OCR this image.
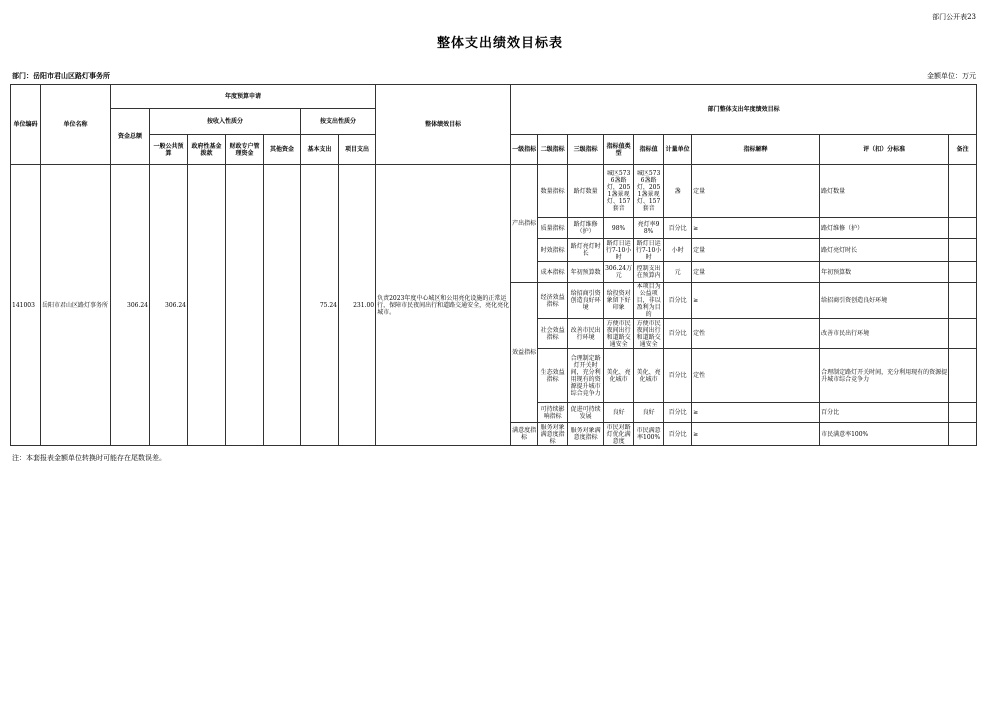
部门公开表23
整体支出绩效目标表
部门：岳阳市君山区路灯事务所	金额单位：万元
单位编码	单位名称	年度预算申请							整体绩效目标	部门整体支出年度绩效目标								
		资金总额	按收入性质分				按支出性质分											
			一般公共预算	政府性基金拨款	财政专户管理资金	其他资金	基本支出	项目支出		一级指标	二级指标	三级指标	指标值类型	指标值	计量单位	指标解释	评（扣）分标准	备注
141003	岳阳市君山区路灯事务所	306.24	306.24				75.24	231.00	负责2023年度中心城区和公用亮化设施的正常运行，保障市民夜间出行和道路交通安全，亮化亮化城市。	产出指标	数量指标	路灯数量	城区5736盏路灯，2051盏景观灯、157套音	城区5736盏路灯，2051盏景观灯、157套音	盏	定量	路灯数量	
											质量指标	路灯维修（护）	98%	亮灯率98%	百分比	≥	路灯维修（护）	
											时效指标	路灯亮灯时长	路灯日运行7-10小时	路灯日运行7-10小时	小时	定量	路灯亮灯时长	
											成本指标	年初预算数	306.24万元	控制支出在预算内	元	定量	年初预算数	
										效益指标	经济效益指标	给招商引资创造良好环境	给投资对象留下好印象	本项目为公益项目，非以盈利为目的	百分比	≥	给招商引资创造良好环境	
											社会效益指标	改善市民出行环境	方便市民夜间出行和道路交通安全	方便市民夜间出行和道路交通安全	百分比	定性	改善市民出行环境	
											生态效益指标	合理制定路灯开关时间，充分利用现有的资源提升城市综合竞争力	美化、亮化城市	美化、亮化城市	百分比	定性	合理制定路灯开关时间，充分利用现有的资源提升城市综合竞争力	
											可持续影响指标	促进可持续发展	良好	良好	百分比	≥	百分比	
										满意度指标	服务对象满意度指标	服务对象满意度指标	市民对路灯优化满意度	市民满意率100%	百分比	≥	市民满意率100%	
注：本套报表金额单位转换时可能存在尾数误差。
